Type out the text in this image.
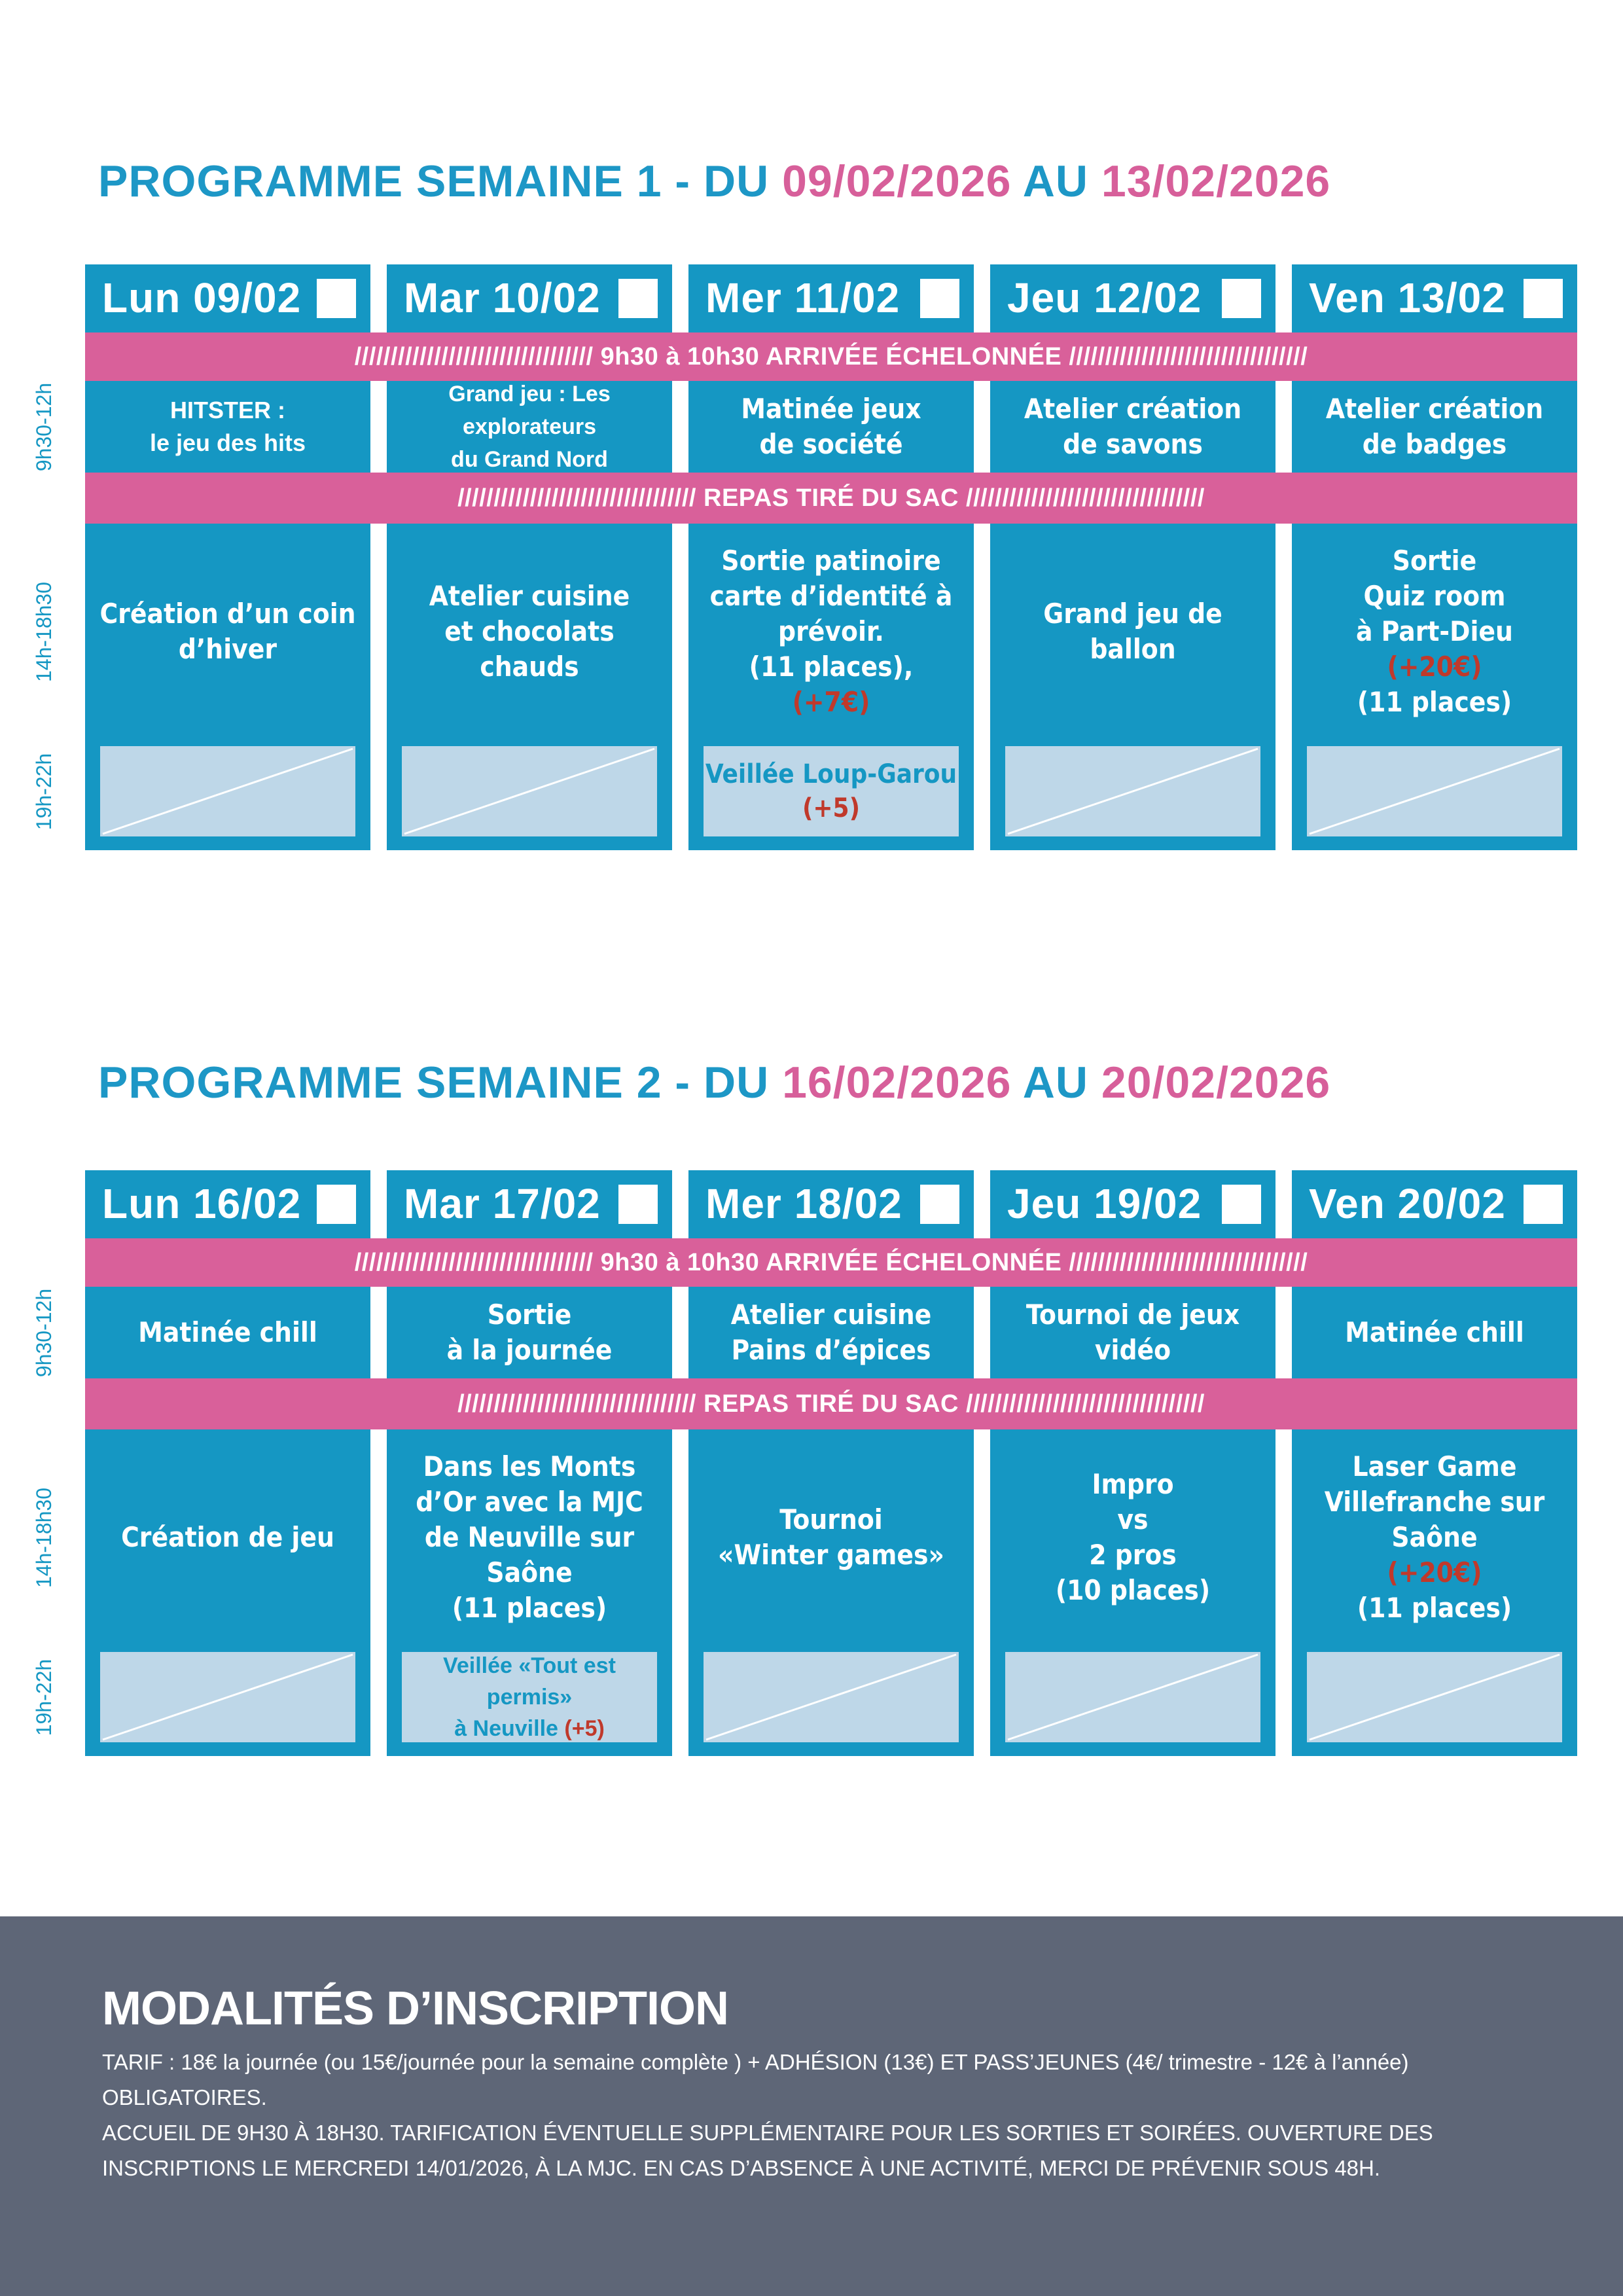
PROGRAMME SEMAINE 1 - DU 09/02/2026 AU 13/02/2026
9h30-12h
14h-18h30
19h-22h
Lun 09/02
HITSTER :
le jeu des hits
Création d’un coin
d’hiver
Mar 10/02
Grand jeu : Les explorateurs
du Grand Nord
Atelier cuisine
et chocolats
chauds
Mer 11/02
Matinée jeux
de société
Sortie patinoire
carte d’identité à
prévoir.
(11 places),
(+7€)
Veillée Loup-Garou
(+5)
Jeu 12/02
Atelier création
de savons
Grand jeu de
ballon
Ven 13/02
Atelier création
de badges
Sortie
Quiz room
à Part-Dieu
(+20€)
(11 places)
///////////////////////////////// 9h30 à 10h30 ARRIVÉE ÉCHELONNÉE /////////////////////////////////
///////////////////////////////// REPAS TIRÉ DU SAC /////////////////////////////////
PROGRAMME SEMAINE 2 - DU 16/02/2026 AU 20/02/2026
9h30-12h
14h-18h30
19h-22h
Lun 16/02
Matinée chill
Création de jeu
Mar 17/02
Sortie
à la journée
Dans les Monts
d’Or avec la MJC
de Neuville sur
Saône
(11 places)
Veillée «Tout est permis»
à Neuville (+5)
Mer 18/02
Atelier cuisine
Pains d’épices
Tournoi
«Winter games»
Jeu 19/02
Tournoi de jeux
vidéo
Impro
vs
2 pros
(10 places)
Ven 20/02
Matinée chill
Laser Game
Villefranche sur
Saône
(+20€)
(11 places)
///////////////////////////////// 9h30 à 10h30 ARRIVÉE ÉCHELONNÉE /////////////////////////////////
///////////////////////////////// REPAS TIRÉ DU SAC /////////////////////////////////
MODALITÉS D’INSCRIPTION

TARIF : 18€ la journée (ou 15€/journée pour la semaine complète ) + ADHÉSION (13€) ET PASS’JEUNES (4€/ trimestre - 12€ à l’année) OBLIGATOIRES.

ACCUEIL DE 9H30 À 18H30. TARIFICATION ÉVENTUELLE SUPPLÉMENTAIRE POUR LES SORTIES ET SOIRÉES. OUVERTURE DES INSCRIPTIONS LE MERCREDI 14/01/2026, À LA MJC. EN CAS D’ABSENCE À UNE ACTIVITÉ, MERCI DE PRÉVENIR SOUS 48H.
